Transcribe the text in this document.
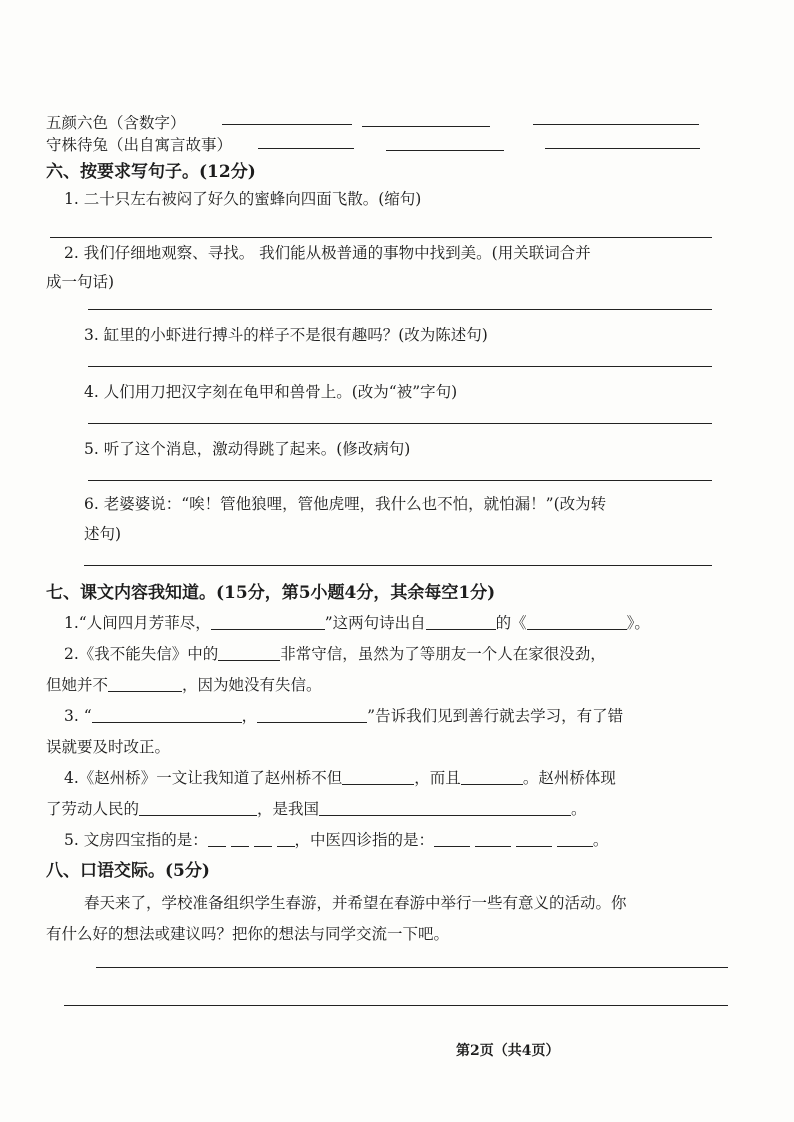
五颜六色（含数字）
守株待兔（出自寓言故事）
六、按要求写句子。(12分)
1. 二十只左右被闷了好久的蜜蜂向四面飞散。(缩句)
2. 我们仔细地观察、寻找。 我们能从极普通的事物中找到美。(用关联词合并
成一句话)
3. 缸里的小虾进行搏斗的样子不是很有趣吗？(改为陈述句)
4. 人们用刀把汉字刻在龟甲和兽骨上。(改为“被”字句)
5. 听了这个消息，激动得跳了起来。(修改病句)
6. 老婆婆说：“唉！管他狼哩，管他虎哩，我什么也不怕，就怕漏！”(改为转
述句)
七、课文内容我知道。(15分，第5小题4分，其余每空1分)
1.“人间四月芳菲尽，	”这两句诗出自	的《	》。
2.《我不能失信》中的	非常守信，虽然为了等朋友一个人在家很没劲，
但她并不	，因为她没有失信。
3. “	，	”告诉我们见到善行就去学习，有了错
误就要及时改正。
4.《赵州桥》一文让我知道了赵州桥不但	，而且	。赵州桥体现
了劳动人民的	，是我国	。
5. 文房四宝指的是：	，中医四诊指的是：	。
八、口语交际。(5分)
春天来了，学校准备组织学生春游，并希望在春游中举行一些有意义的活动。你
有什么好的想法或建议吗？把你的想法与同学交流一下吧。
第2页（共4页）
